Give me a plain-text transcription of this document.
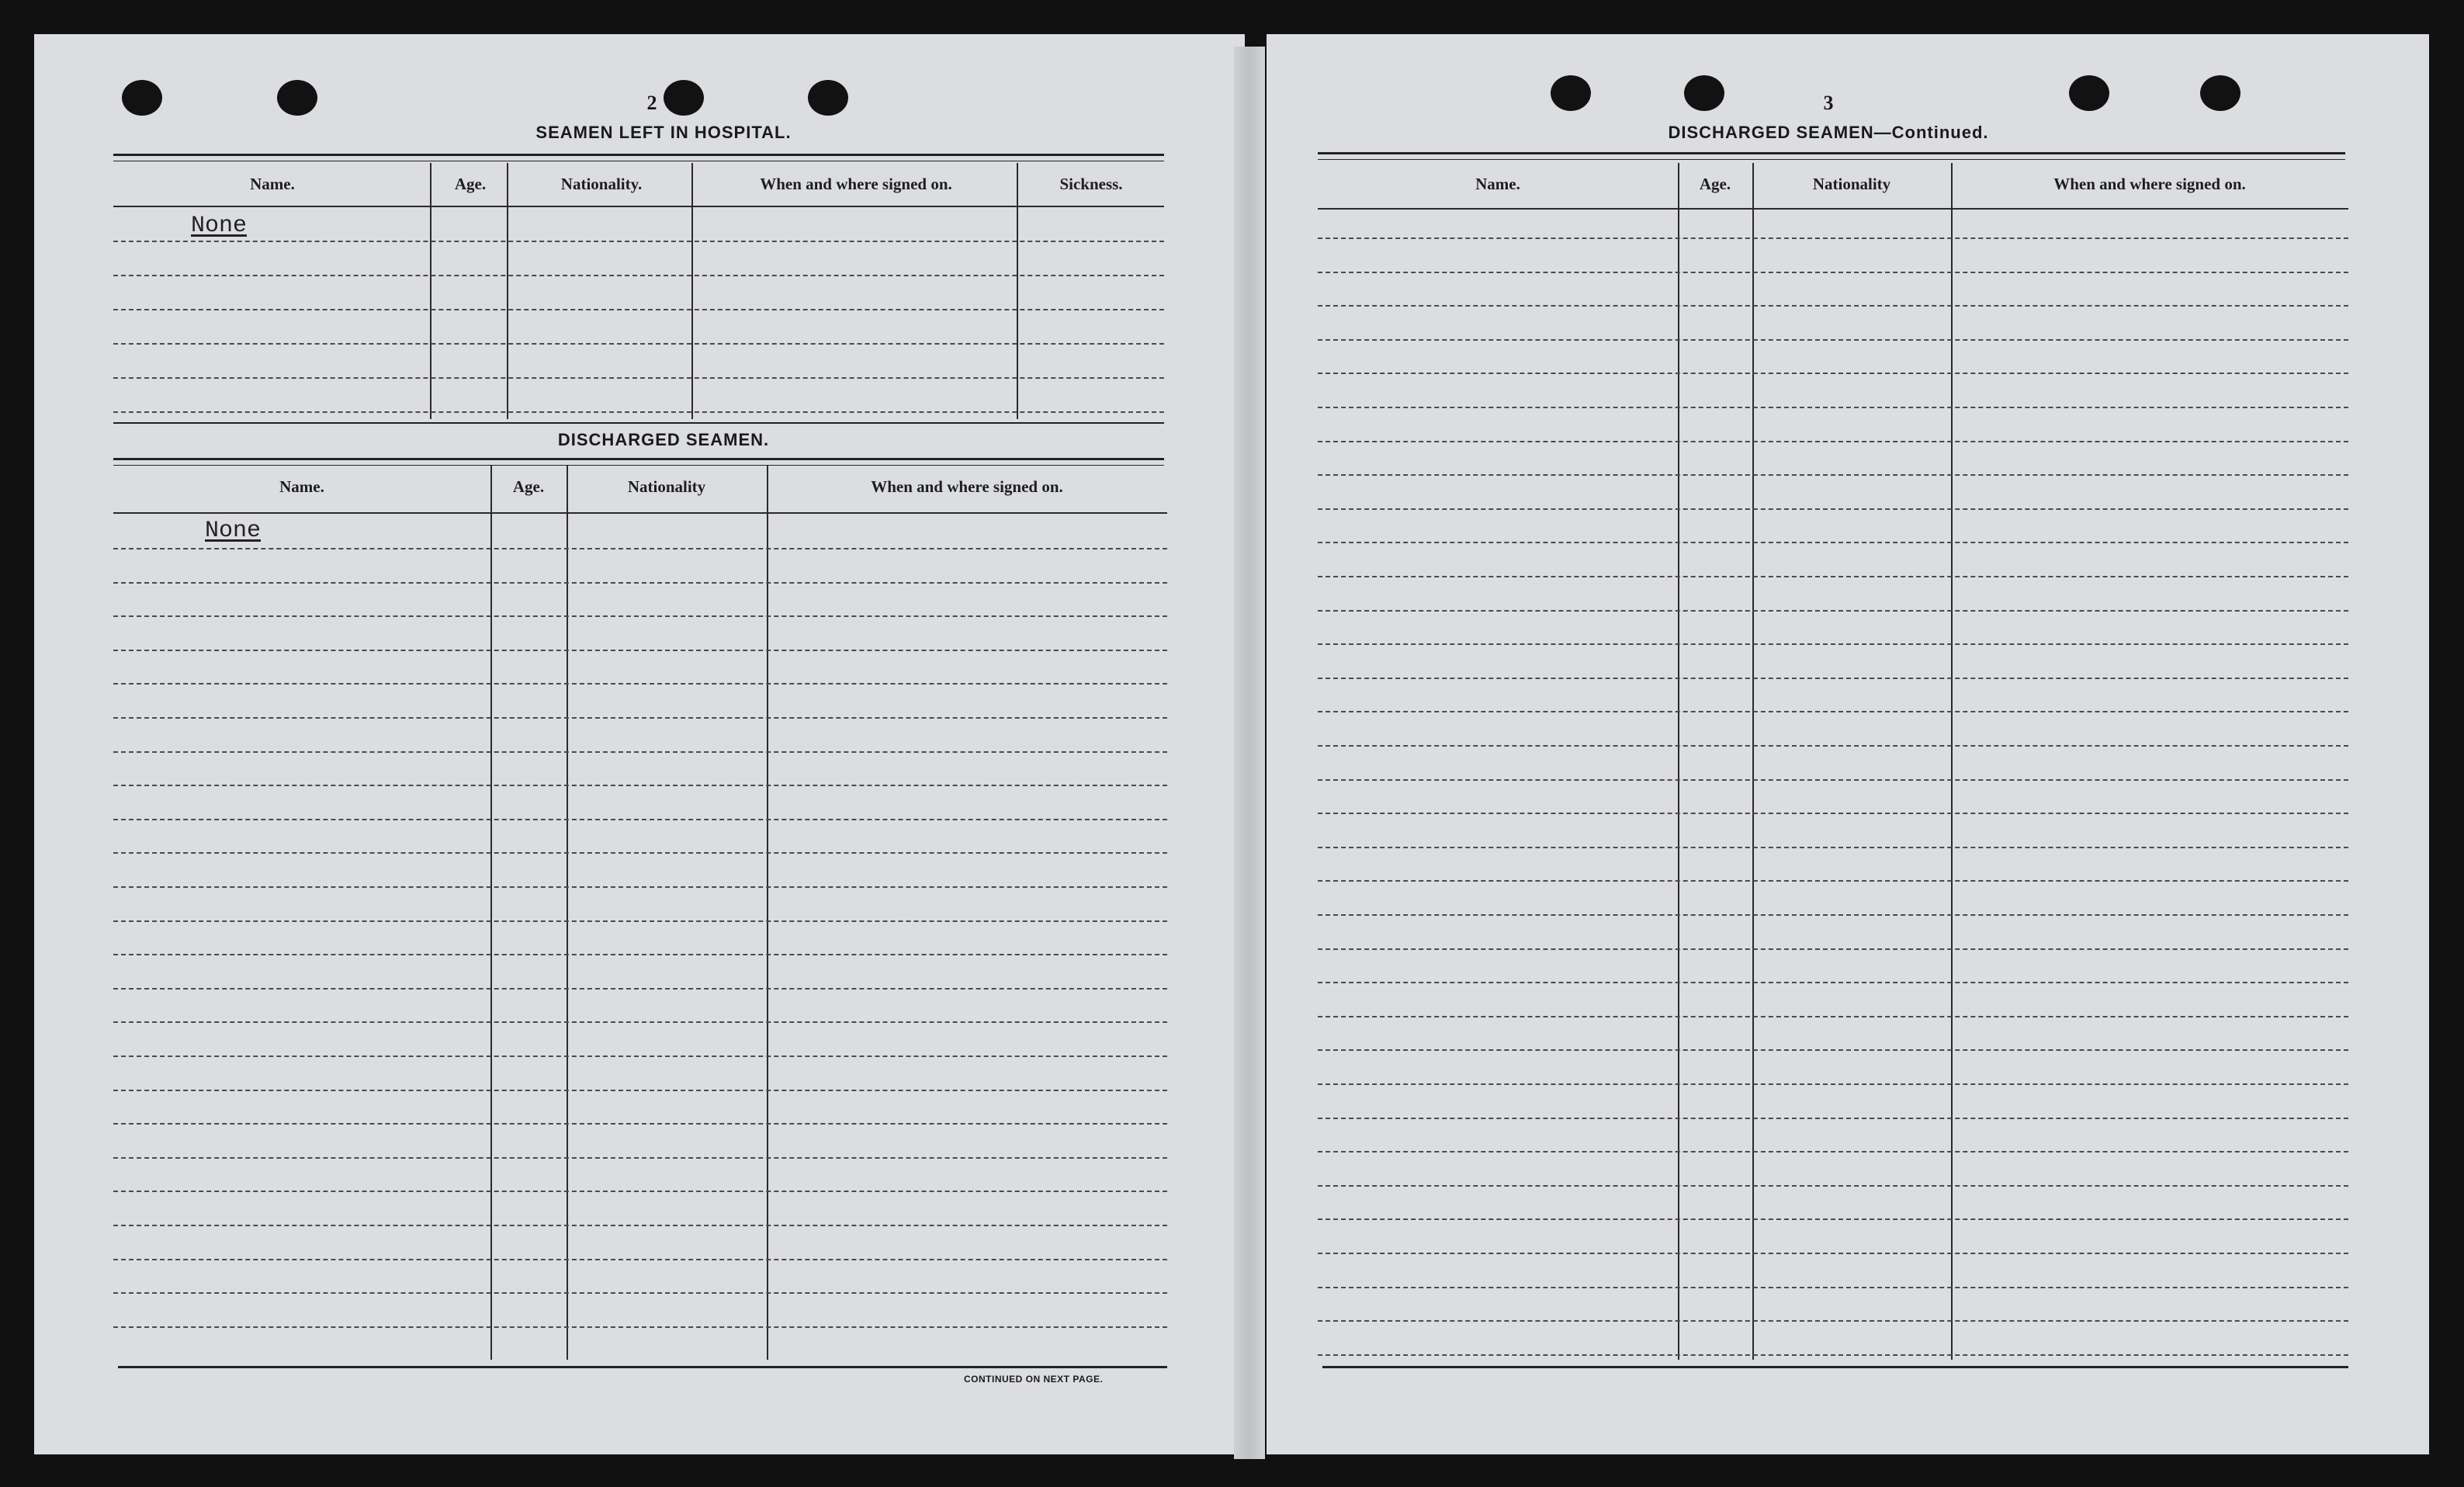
2
SEAMEN LEFT IN HOSPITAL.
Name.	Age.	Nationality.	When and where signed on.	Sickness.
None
DISCHARGED SEAMEN.
Name.	Age.	Nationality	When and where signed on.
None
CONTINUED ON NEXT PAGE.
3
DISCHARGED SEAMEN—Continued.
Name.	Age.	Nationality	When and where signed on.
